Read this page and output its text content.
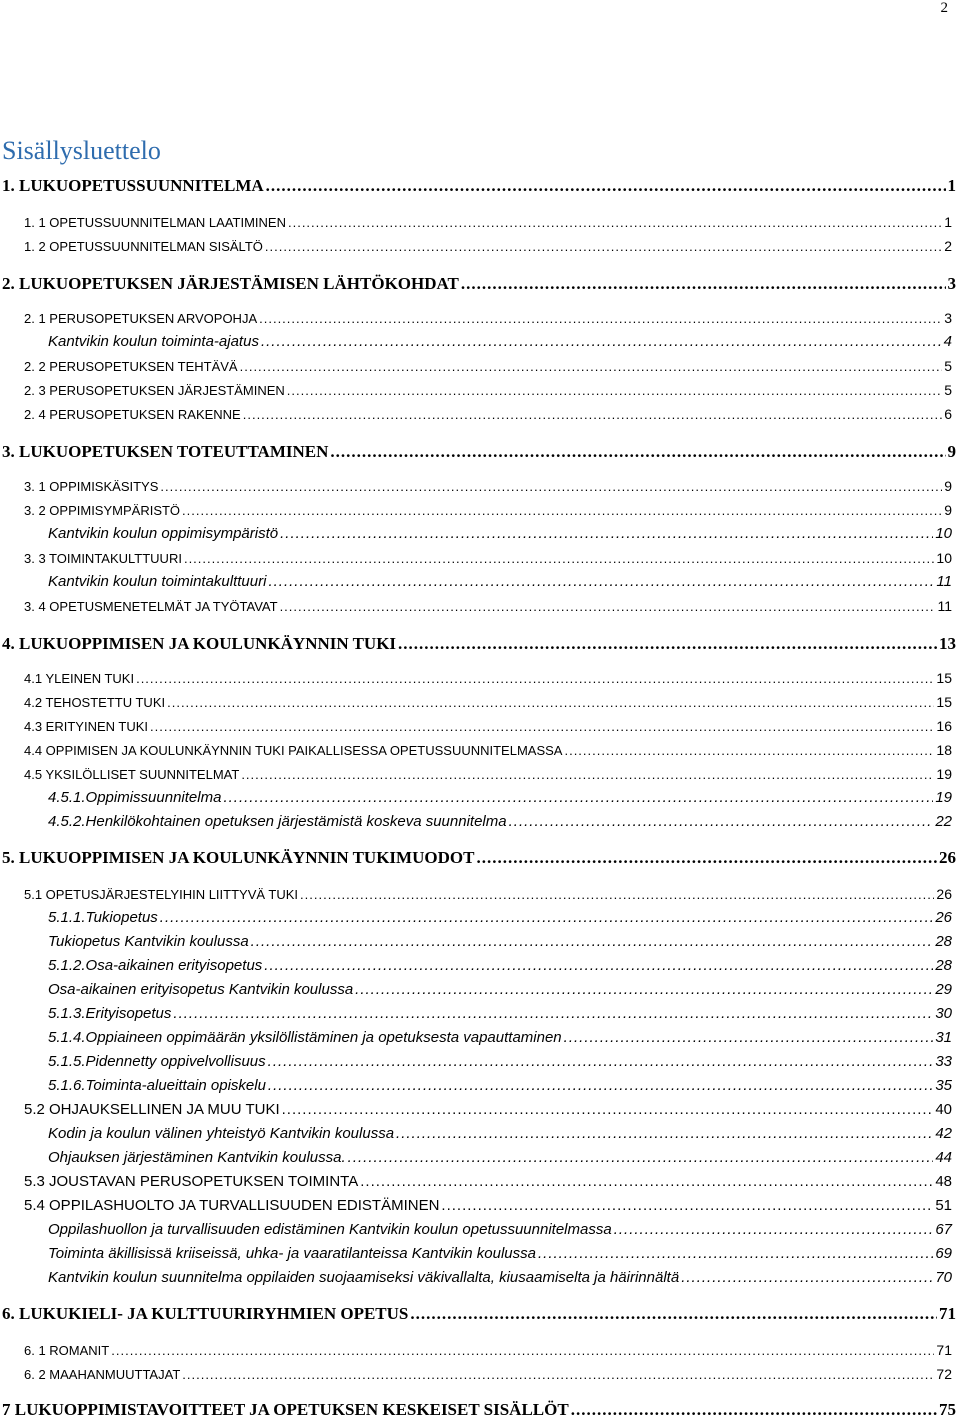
2
Sisällysluettelo
1. LUKU OPETUSSUUNNITELMA .....	1
1. 1 OPETUSSUUNNITELMAN LAATIMINEN .....	1
1. 2 OPETUSSUUNNITELMAN SISÄLTÖ .....	2
2. LUKU OPETUKSEN JÄRJESTÄMISEN LÄHTÖKOHDAT .....	3
2. 1 PERUSOPETUKSEN ARVOPOHJA .....	3
Kantvikin koulun toiminta-ajatus .....	4
2. 2 PERUSOPETUKSEN TEHTÄVÄ .....	5
2. 3 PERUSOPETUKSEN JÄRJESTÄMINEN .....	5
2. 4 PERUSOPETUKSEN RAKENNE .....	6
3. LUKU OPETUKSEN TOTEUTTAMINEN .....	9
3. 1 OPPIMISKÄSITYS .....	9
3. 2 OPPIMISYMPÄRISTÖ .....	9
Kantvikin koulun oppimisympäristö .....	10
3. 3 TOIMINTAKULTTUURI .....	10
Kantvikin koulun toimintakulttuuri .....	11
3. 4 OPETUSMENETELMÄT JA TYÖTAVAT .....	11
4. LUKU OPPIMISEN JA KOULUNKÄYNNIN TUKI .....	13
4.1 YLEINEN TUKI .....	15
4.2 TEHOSTETTU TUKI .....	15
4.3 ERITYINEN TUKI .....	16
4.4 OPPIMISEN JA KOULUNKÄYNNIN TUKI PAIKALLISESSA OPETUSSUUNNITELMASSA .....	18
4.5 YKSILÖLLISET SUUNNITELMAT .....	19
4.5.1. Oppimissuunnitelma .....	19
4.5.2. Henkilökohtainen opetuksen järjestämistä koskeva suunnitelma .....	22
5. LUKU OPPIMISEN JA KOULUNKÄYNNIN TUKIMUODOT .....	26
5.1 OPETUSJÄRJESTELYIHIN LIITTYVÄ TUKI .....	26
5.1.1. Tukiopetus .....	26
Tukiopetus Kantvikin koulussa .....	28
5.1.2. Osa-aikainen erityisopetus .....	28
Osa-aikainen erityisopetus Kantvikin koulussa .....	29
5.1.3. Erityisopetus .....	30
5.1.4. Oppiaineen oppimäärän yksilöllistäminen ja opetuksesta vapauttaminen .....	31
5.1.5. Pidennetty oppivelvollisuus .....	33
5.1.6. Toiminta-alueittain opiskelu .....	35
5.2 OHJAUKSELLINEN JA MUU TUKI .....	40
Kodin ja koulun välinen yhteistyö Kantvikin koulussa .....	42
Ohjauksen järjestäminen Kantvikin koulussa. .....	44
5.3 JOUSTAVAN PERUSOPETUKSEN TOIMINTA .....	48
5.4 OPPILASHUOLTO JA TURVALLISUUDEN EDISTÄMINEN .....	51
Oppilashuollon ja turvallisuuden edistäminen Kantvikin koulun opetussuunnitelmassa .....	67
Toiminta äkillisissä kriiseissä, uhka- ja vaaratilanteissa Kantvikin koulussa .....	69
Kantvikin koulun suunnitelma oppilaiden suojaamiseksi väkivallalta, kiusaamiselta ja häirinnältä .....	70
6. LUKU KIELI- JA KULTTUURIRYHMIEN OPETUS .....	71
6. 1 ROMANIT .....	71
6. 2 MAAHANMUUTTAJAT .....	72
7 LUKU OPPIMISTAVOITTEET JA OPETUKSEN KESKEISET SISÄLLÖT .....	75
